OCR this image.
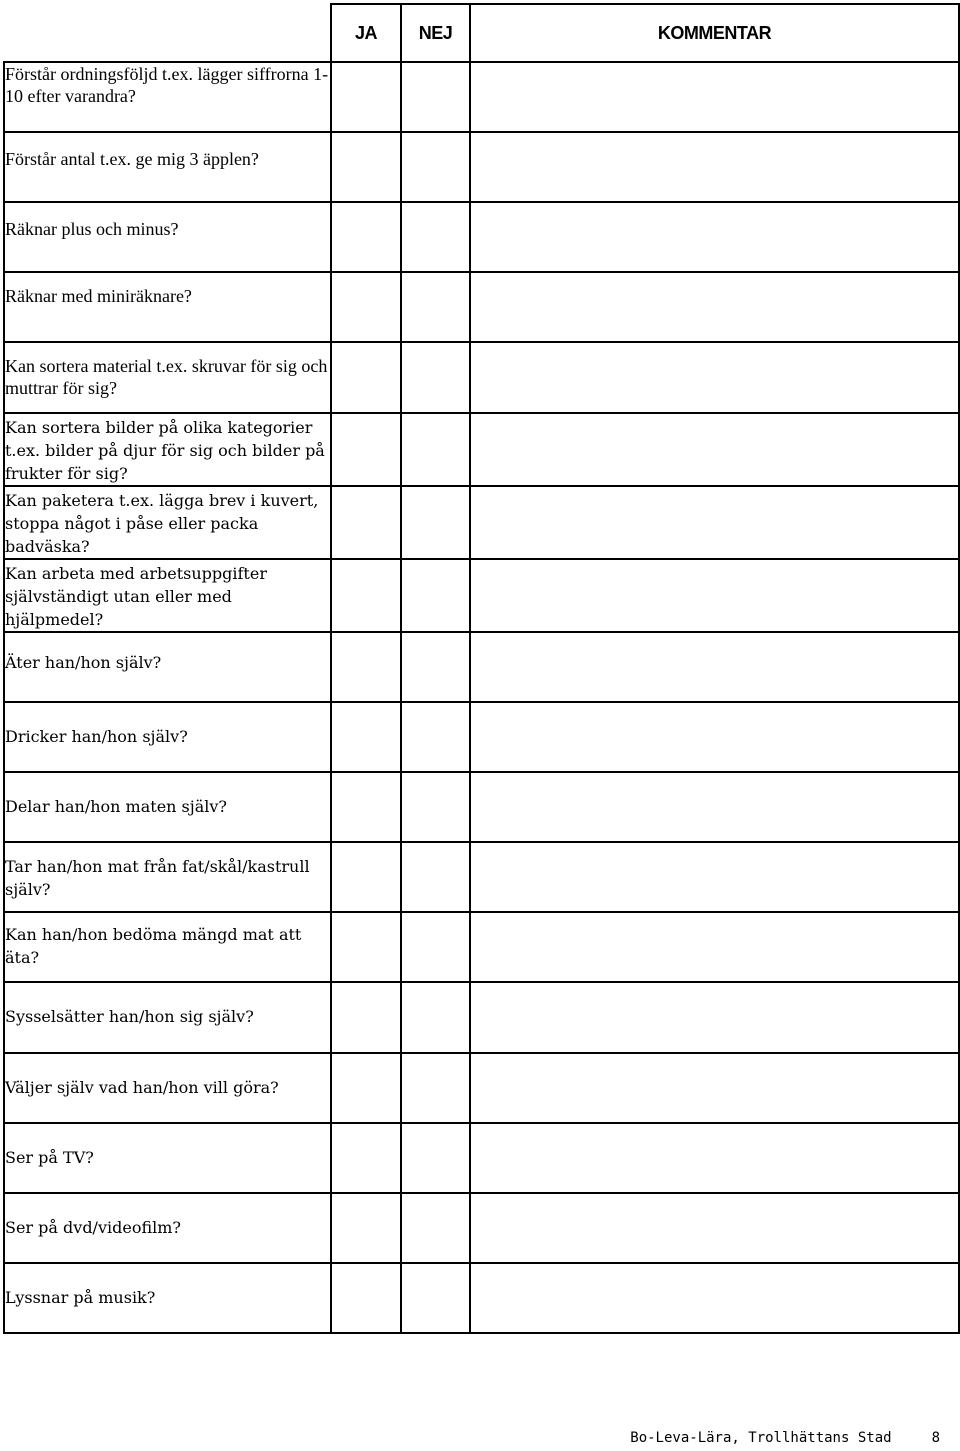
	JA	NEJ	KOMMENTAR
Förstår ordningsföljd t.ex. lägger siffrorna 1-10 efter varandra?			
Förstår antal t.ex. ge mig 3 äpplen?			
Räknar plus och minus?			
Räknar med miniräknare?			
Kan sortera material t.ex. skruvar för sig och muttrar för sig?			
Kan sortera bilder på olika kategorier t.ex. bilder på djur för sig och bilder på frukter för sig?			
Kan paketera t.ex. lägga brev i kuvert, stoppa något i påse eller packa badväska?			
Kan arbeta med arbetsuppgifter självständigt utan eller med hjälpmedel?			
Äter han/hon själv?			
Dricker han/hon själv?			
Delar han/hon maten själv?			
Tar han/hon mat från fat/skål/kastrull själv?			
Kan han/hon bedöma mängd mat att äta?			
Sysselsätter han/hon sig själv?			
Väljer själv vad han/hon vill göra?			
Ser på TV?			
Ser på dvd/videofilm?			
Lyssnar på musik?			
Bo-Leva-Lära, Trollhättans Stad	8
